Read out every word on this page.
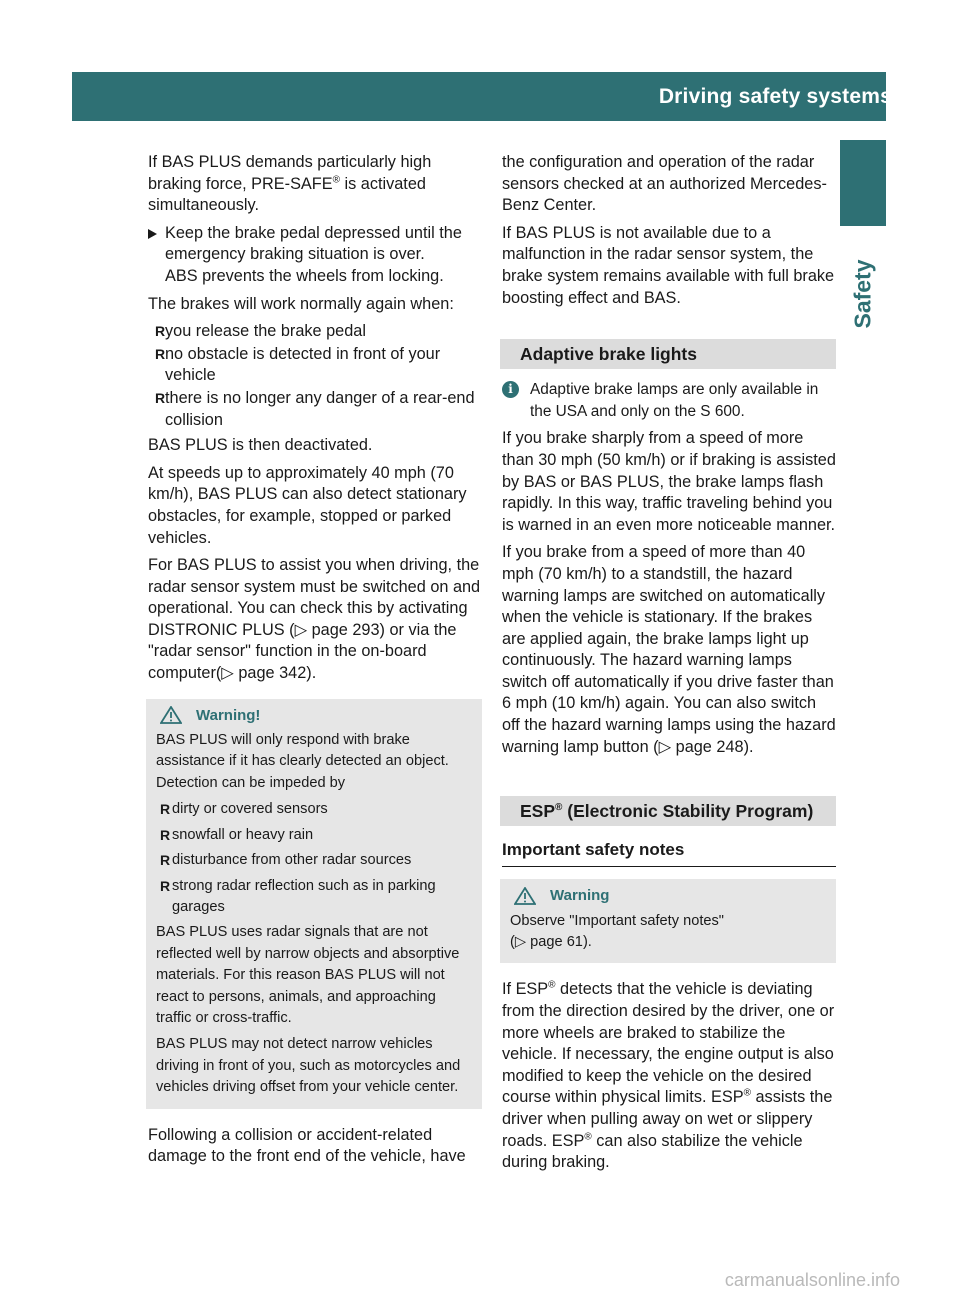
Driving safety systems 63
Safety

If BAS PLUS demands particularly high braking force, PRE-SAFE® is activated simultaneously.

Keep the brake pedal depressed until the emergency braking situation is over.
ABS prevents the wheels from locking.

The brakes will work normally again when:

R you release the brake pedal
R no obstacle is detected in front of your vehicle
R there is no longer any danger of a rear-end collision

BAS PLUS is then deactivated.

At speeds up to approximately 40 mph (70 km/h), BAS PLUS can also detect stationary obstacles, for example, stopped or parked vehicles.

For BAS PLUS to assist you when driving, the radar sensor system must be switched on and operational. You can check this by activating DISTRONIC PLUS (▷ page 293) or via the "radar sensor" function in the on-board computer(▷ page 342).

Warning!

BAS PLUS will only respond with brake assistance if it has clearly detected an object. Detection can be impeded by

R dirty or covered sensors
R snowfall or heavy rain
R disturbance from other radar sources
R strong radar reflection such as in parking garages

BAS PLUS uses radar signals that are not reflected well by narrow objects and absorptive materials. For this reason BAS PLUS will not react to persons, animals, and approaching traffic or cross-traffic.

BAS PLUS may not detect narrow vehicles driving in front of you, such as motorcycles and vehicles driving offset from your vehicle center.

Following a collision or accident-related damage to the front end of the vehicle, have

the configuration and operation of the radar sensors checked at an authorized Mercedes-Benz Center.

If BAS PLUS is not available due to a malfunction in the radar sensor system, the brake system remains available with full brake boosting effect and BAS.

Adaptive brake lights
i	Adaptive brake lamps are only available in the USA and only on the S 600.

If you brake sharply from a speed of more than 30 mph (50 km/h) or if braking is assisted by BAS or BAS PLUS, the brake lamps flash rapidly. In this way, traffic traveling behind you is warned in an even more noticeable manner.

If you brake from a speed of more than 40 mph (70 km/h) to a standstill, the hazard warning lamps are switched on automatically when the vehicle is stationary. If the brakes are applied again, the brake lamps light up continuously. The hazard warning lamps switch off automatically if you drive faster than 6 mph (10 km/h) again. You can also switch off the hazard warning lamps using the hazard warning lamp button (▷ page 248).

ESP® (Electronic Stability Program)
Important safety notes
Warning

Observe "Important safety notes"
(▷ page 61).

If ESP® detects that the vehicle is deviating from the direction desired by the driver, one or more wheels are braked to stabilize the vehicle. If necessary, the engine output is also modified to keep the vehicle on the desired course within physical limits. ESP® assists the driver when pulling away on wet or slippery roads. ESP® can also stabilize the vehicle during braking.

carmanualsonline.info
